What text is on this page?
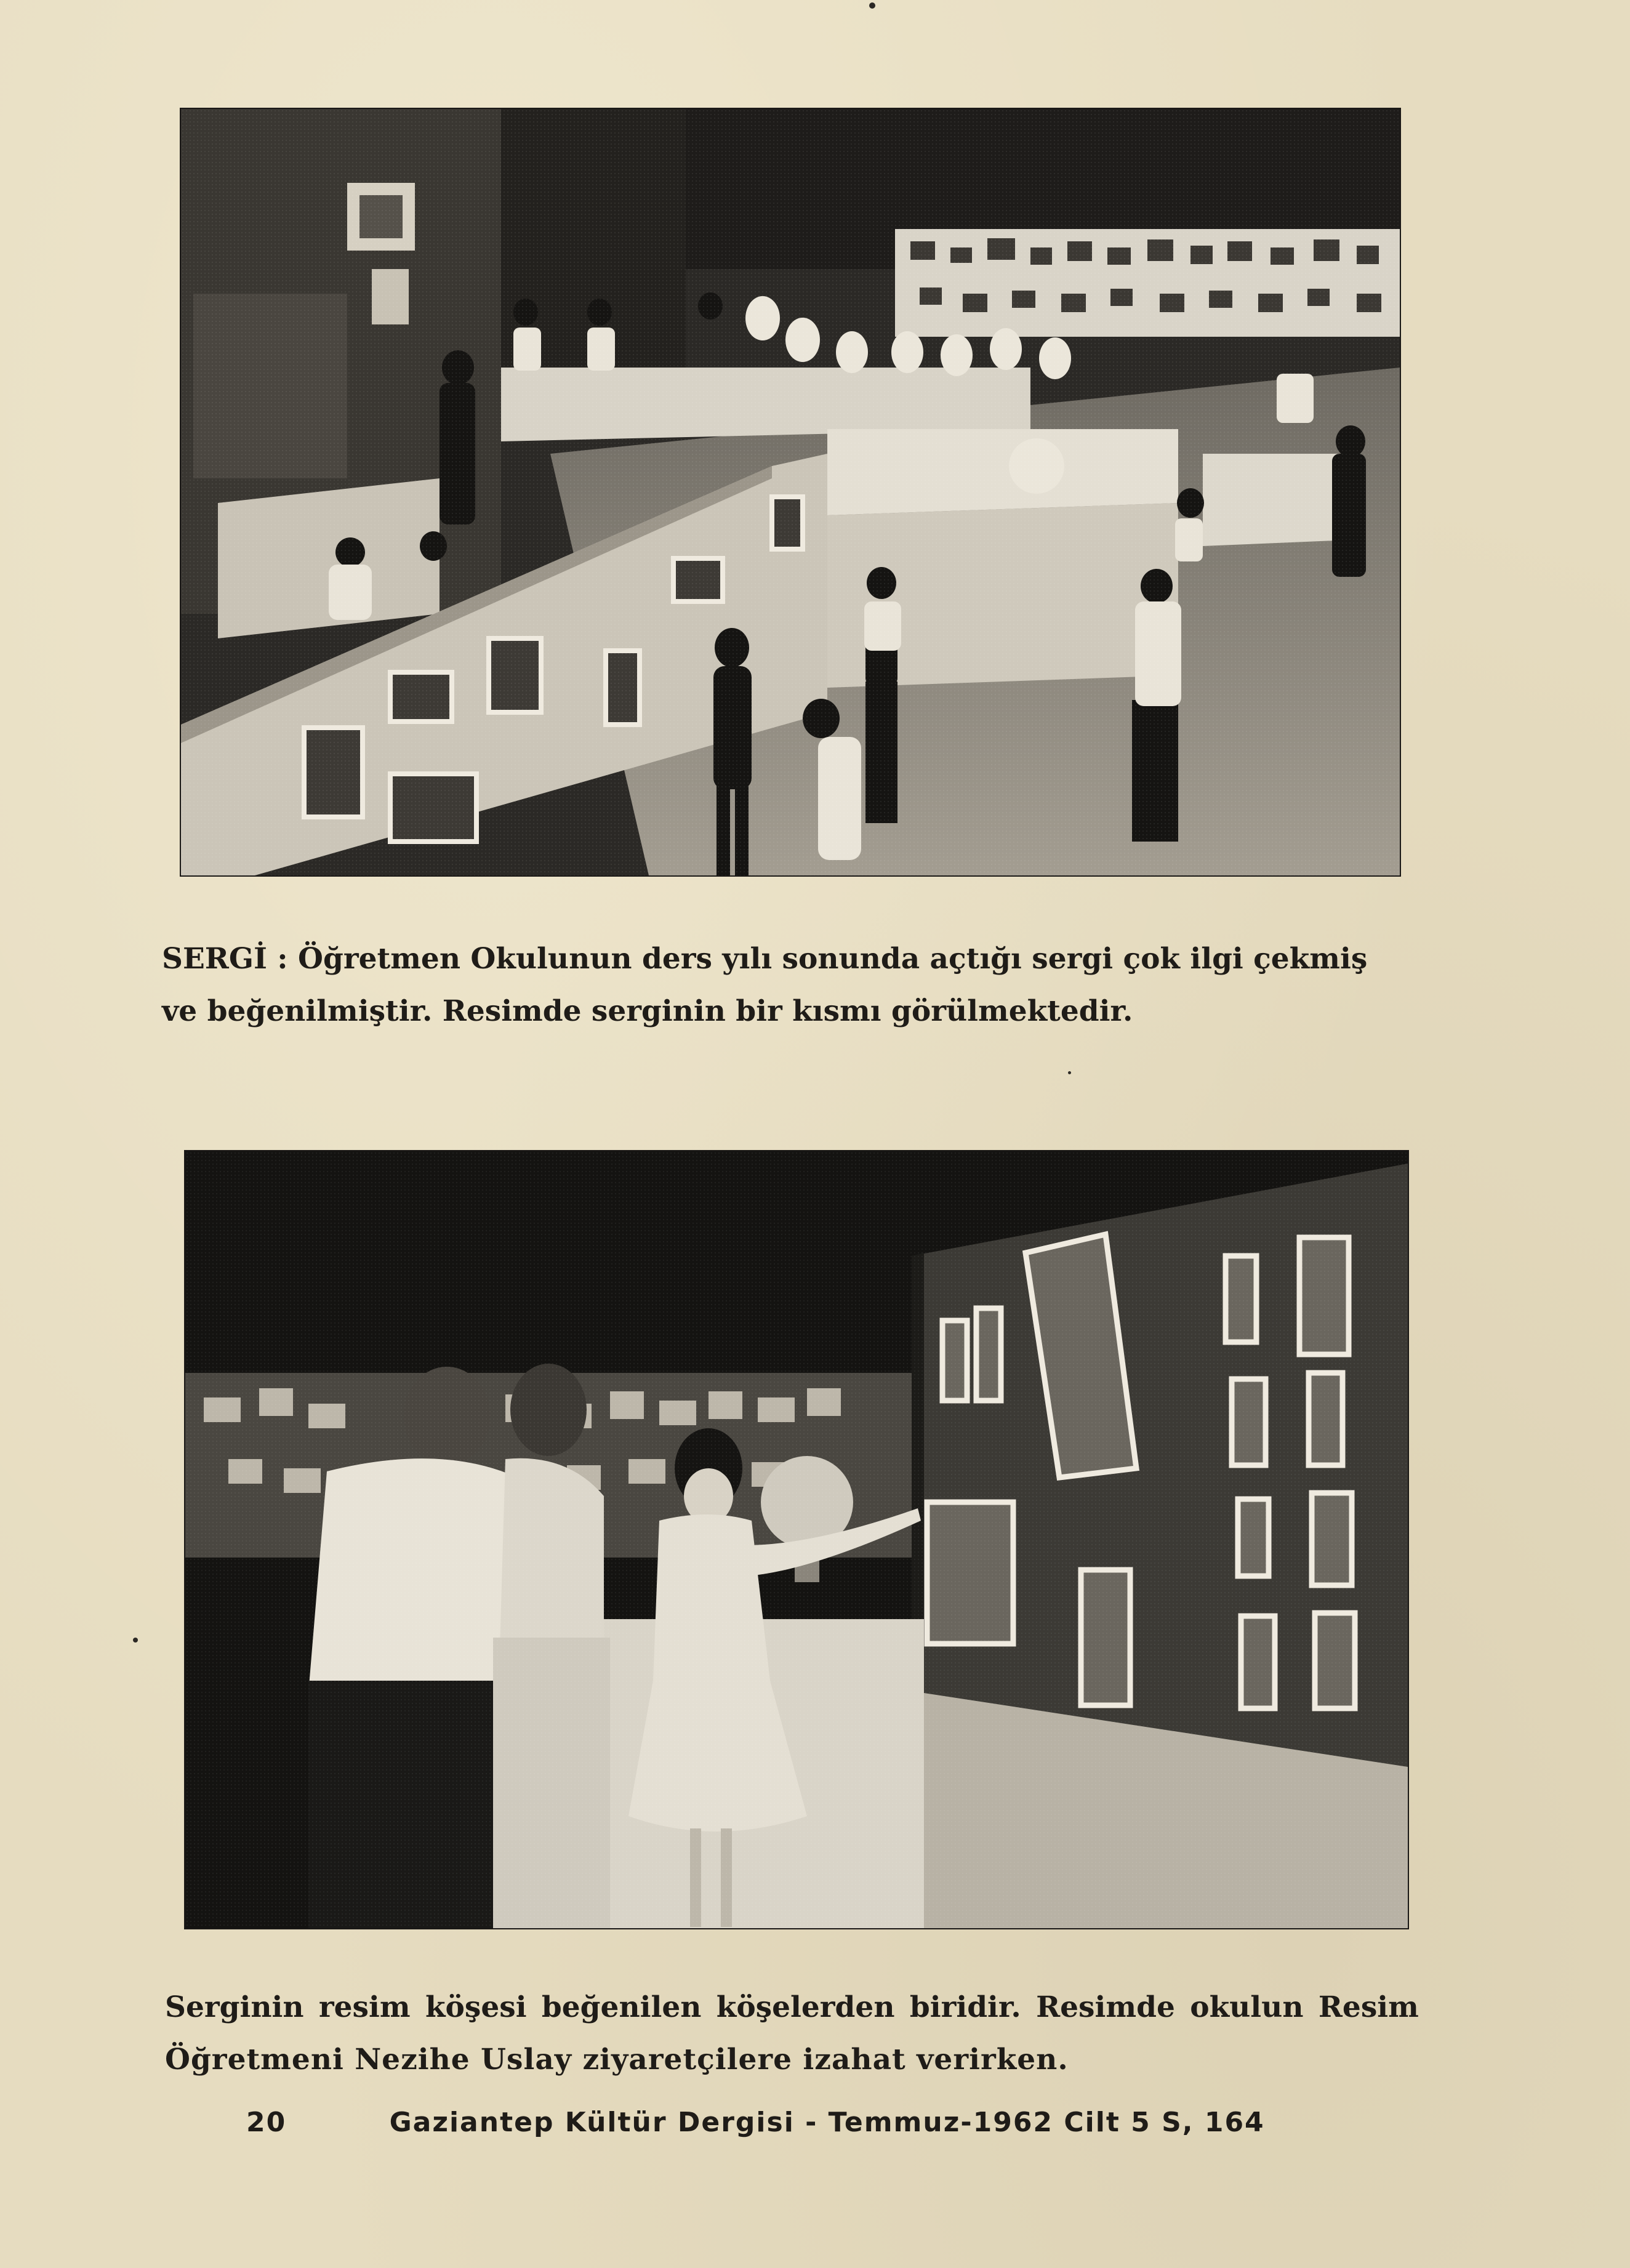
SERGİ : Öğretmen Okulunun ders yılı sonunda açtığı sergi çok ilgi çekmiş
ve beğenilmiştir. Resimde serginin bir kısmı görülmektedir.

Serginin resim köşesi beğenilen köşelerden biridir. Resimde okulun Resim
Öğretmeni Nezihe Uslay ziyaretçilere izahat verirken.

20	Gaziantep Kültür Dergisi - Temmuz-1962 Cilt 5 S, 164
